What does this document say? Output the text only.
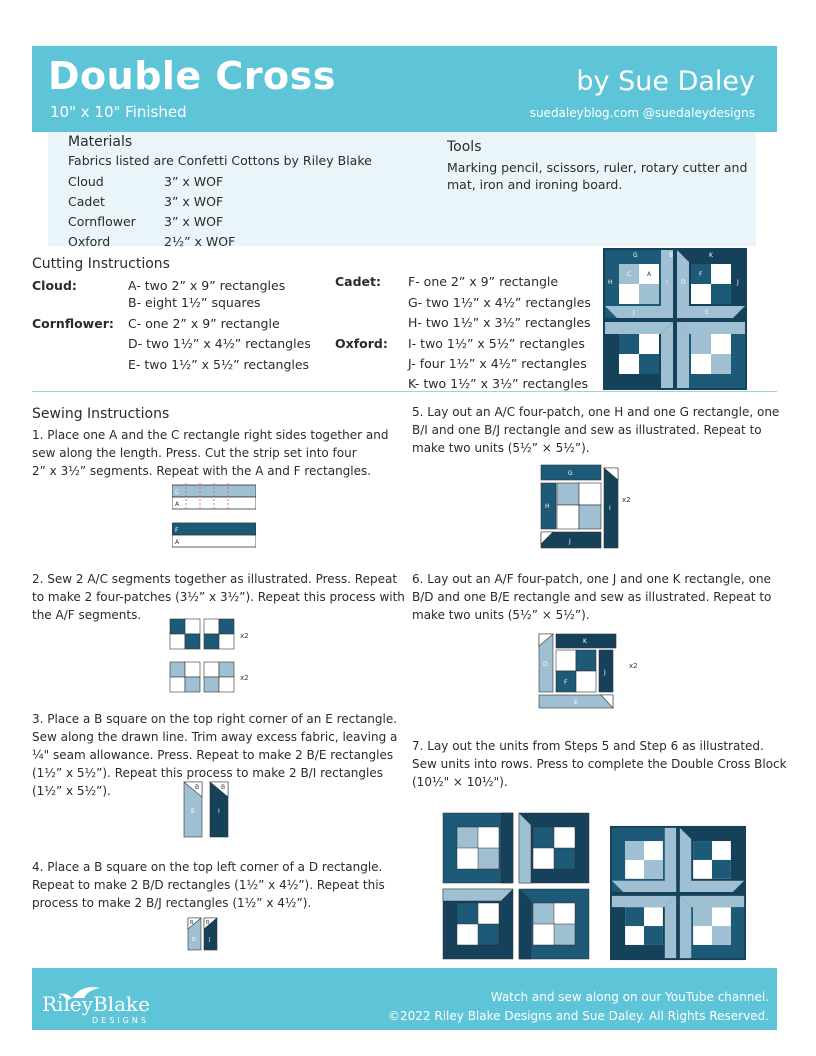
Double Cross
10" x 10" Finished
by Sue Daley
suedaleyblog.com @suedaleydesigns
Materials
Fabrics listed are Confetti Cottons by Riley Blake
Cloud	3” x WOF
Cadet	3” x WOF
Cornflower 3” x WOF
Oxford	2½” x WOF
Tools
Marking pencil, scissors, ruler, rotary cutter and
mat, iron and ironing board.
Cutting Instructions
Cloud:	A- two 2” x 9” rectangles
B- eight 1½” squares
Cornflower: C- one 2” x 9” rectangle
D- two 1½” x 4½” rectangles
E- two 1½” x 5½” rectangles
Cadet: F- one 2” x 9” rectangle
G- two 1½” x 4½” rectangles
H- two 1½” x 3½” rectangles
Oxford: I- two 1½” x 5½” rectangles
J- four 1½” x 4½” rectangles
K- two 1½” x 3½” rectangles
G	B	K
H
C	A
I D
F
J
J	E
Sewing Instructions
1. Place one A and the C rectangle right sides together and
sew along the length. Press. Cut the strip set into four
2” x 3½” segments. Repeat with the A and F rectangles.
C
A
F
A
2. Sew 2 A/C segments together as illustrated. Press. Repeat
to make 2 four-patches (3½” x 3½”). Repeat this process with
the A/F segments.
x2
x2
3. Place a B square on the top right corner of an E rectangle.
Sew along the drawn line. Trim away excess fabric, leaving a
¼" seam allowance. Press. Repeat to make 2 B/E rectangles
(1½” x 5½”). Repeat this process to make 2 B/I rectangles
(1½” x 5½”).	B
E
B
I
4. Place a B square on the top left corner of a D rectangle.
Repeat to make 2 B/D rectangles (1½” x 4½”). Repeat this
process to make 2 B/J rectangles (1½” x 4½”).
B	B
D	J
5. Lay out an A/C four-patch, one H and one G rectangle, one
B/I and one B/J rectangle and sew as illustrated. Repeat to
make two units (5½” × 5½”).
G
H	I
J
x2
6. Lay out an A/F four-patch, one J and one K rectangle, one
B/D and one B/E rectangle and sew as illustrated. Repeat to
make two units (5½” × 5½”).
D
K
F
J
E
x2
7. Lay out the units from Steps 5 and Step 6 as illustrated.
Sew units into rows. Press to complete the Double Cross Block
(10½" × 10½").
RileyBlake
DESIGNS
Watch and sew along on our YouTube channel.
©2022 Riley Blake Designs and Sue Daley. All Rights Reserved.
